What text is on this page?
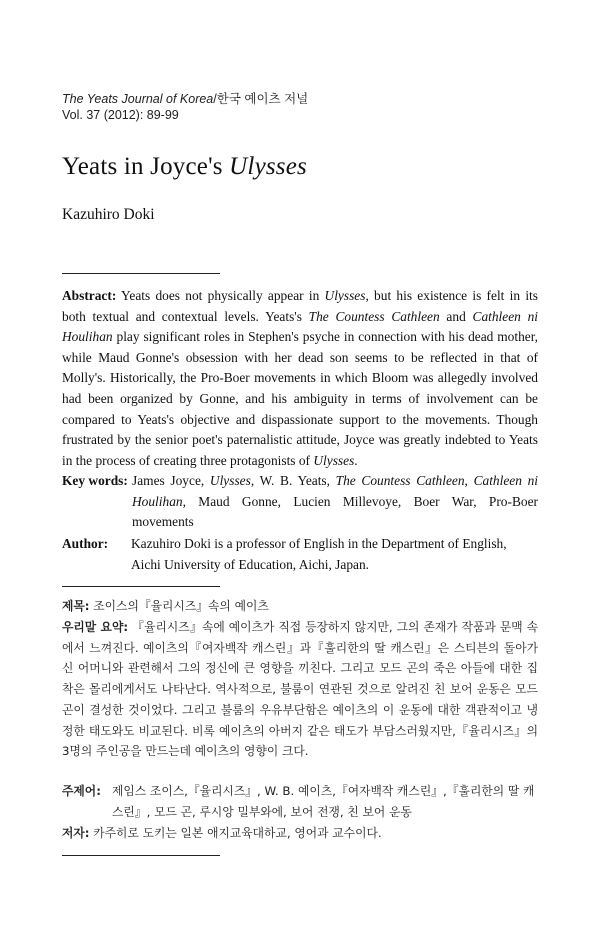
The Yeats Journal of Korea/한국 예이츠 저널
Vol. 37 (2012): 89-99
Yeats in Joyce's Ulysses
Kazuhiro Doki
Abstract: Yeats does not physically appear in Ulysses, but his existence is felt in its both textual and contextual levels. Yeats's The Countess Cathleen and Cathleen ni Houlihan play significant roles in Stephen's psyche in connection with his dead mother, while Maud Gonne's obsession with her dead son seems to be reflected in that of Molly's. Historically, the Pro-Boer movements in which Bloom was allegedly involved had been organized by Gonne, and his ambiguity in terms of involvement can be compared to Yeats's objective and dispassionate support to the movements. Though frustrated by the senior poet's paternalistic attitude, Joyce was greatly indebted to Yeats in the process of creating three protagonists of Ulysses.
Key words: James Joyce, Ulysses, W. B. Yeats, The Countess Cathleen, Cathleen ni Houlihan, Maud Gonne, Lucien Millevoye, Boer War, Pro-Boer movements
Author: Kazuhiro Doki is a professor of English in the Department of English, Aichi University of Education, Aichi, Japan.
제목: 조이스의『율리시즈』속의 예이츠
우리말 요약: 『율리시즈』속에 예이츠가 직접 등장하지 않지만, 그의 존재가 작품과 문맥 속에서 느껴진다. 예이츠의『여자백작 캐스린』과『훌리한의 딸 캐스린』은 스티븐의 돌아가신 어머니와 관련해서 그의 정신에 큰 영향을 끼친다. 그리고 모드 곤의 죽은 아들에 대한 집착은 몰리에게서도 나타난다. 역사적으로, 불룸이 연관된 것으로 알려진 친 보어 운동은 모드 곤이 결성한 것이었다. 그리고 불룸의 우유부단함은 예이츠의 이 운동에 대한 객관적이고 냉정한 태도와도 비교된다. 비록 예이츠의 아버지 같은 태도가 부담스러웠지만,『율리시즈』의 3명의 주인공을 만드는데 예이츠의 영향이 크다.
주제어: 제임스 조이스,『율리시즈』, W. B. 예이츠,『여자백작 캐스린』,『훌리한의 딸 캐스린』, 모드 곤, 루시앙 밀부와에, 보어 전쟁, 친 보어 운동
저자: 카주히로 도키는 일본 애지교육대하교, 영어과 교수이다.
